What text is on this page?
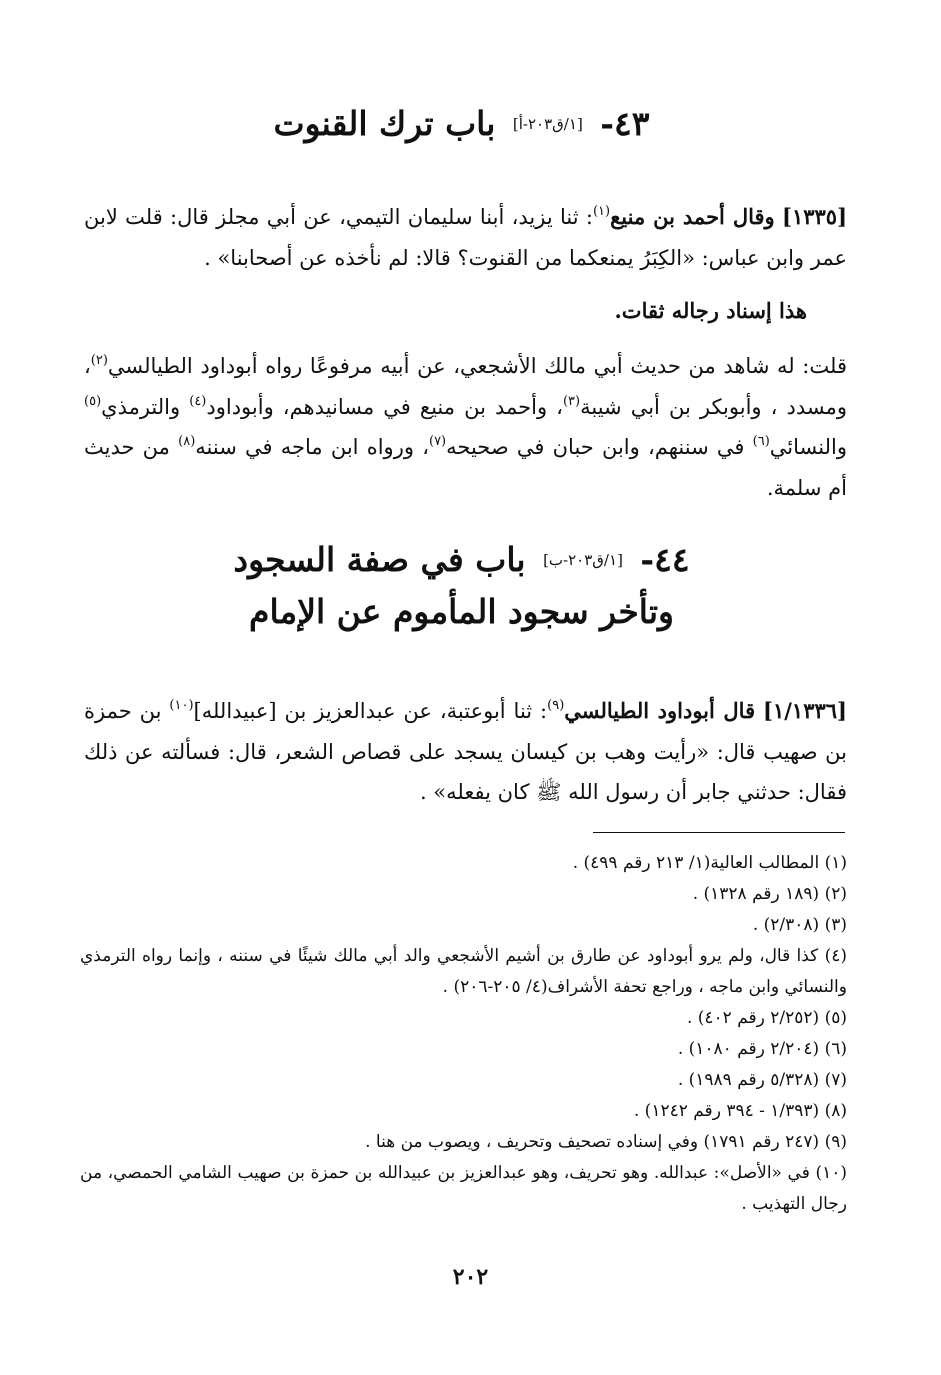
٤٣- [١/ق٢٠٣-أ] باب ترك القنوت

[١٣٣٥] وقال أحمد بن منيع$^{(١)}$: ثنا يزيد، أبنا سليمان التيمي، عن أبي مجلز قال: قلت لابن عمر وابن عباس: «الكِبَرُ يمنعكما من القنوت؟ قالا: لم نأخذه عن أصحابنا» .

هذا إسناد رجاله ثقات.

قلت: له شاهد من حديث أبي مالك الأشجعي، عن أبيه مرفوعًا رواه أبوداود الطيالسي$^{(٢)}$، ومسدد ، وأبوبكر بن أبي شيبة$^{(٣)}$، وأحمد بن منيع في مسانيدهم، وأبوداود$^{(٤)}$ والترمذي$^{(٥)}$ والنسائي$^{(٦)}$ في سننهم، وابن حبان في صحيحه$^{(٧)}$، ورواه ابن ماجه في سننه$^{(٨)}$ من حديث أم سلمة.

٤٤- [١/ق٢٠٣-ب] باب في صفة السجود
وتأخر سجود المأموم عن الإمام

[١/١٣٣٦] قال أبوداود الطيالسي$^{(٩)}$: ثنا أبوعتبة، عن عبدالعزيز بن [عبيدالله]$^{(١٠)}$ بن حمزة بن صهيب قال: «رأيت وهب بن كيسان يسجد على قصاص الشعر، قال: فسألته عن ذلك فقال: حدثني جابر أن رسول الله ﷺ كان يفعله» .

(١) المطالب العالية(١/ ٢١٣ رقم ٤٩٩) .
(٢) (١٨٩ رقم ١٣٢٨) .
(٣) (٢/٣٠٨) .
(٤) كذا قال، ولم يرو أبوداود عن طارق بن أشيم الأشجعي والد أبي مالك شيئًا في سننه ، وإنما رواه الترمذي والنسائي وابن ماجه ، وراجع تحفة الأشراف(٤/ ٢٠٥-٢٠٦) .
(٥) (٢/٢٥٢ رقم ٤٠٢) .
(٦) (٢/٢٠٤ رقم ١٠٨٠) .
(٧) (٥/٣٢٨ رقم ١٩٨٩) .
(٨) (١/٣٩٣ - ٣٩٤ رقم ١٢٤٢) .
(٩) (٢٤٧ رقم ١٧٩١) وفي إسناده تصحيف وتحريف ، ويصوب من هنا .
(١٠) في «الأصل»: عبدالله. وهو تحريف، وهو عبدالعزيز بن عبيدالله بن حمزة بن صهيب الشامي الحمصي، من رجال التهذيب .
٢٠٢
